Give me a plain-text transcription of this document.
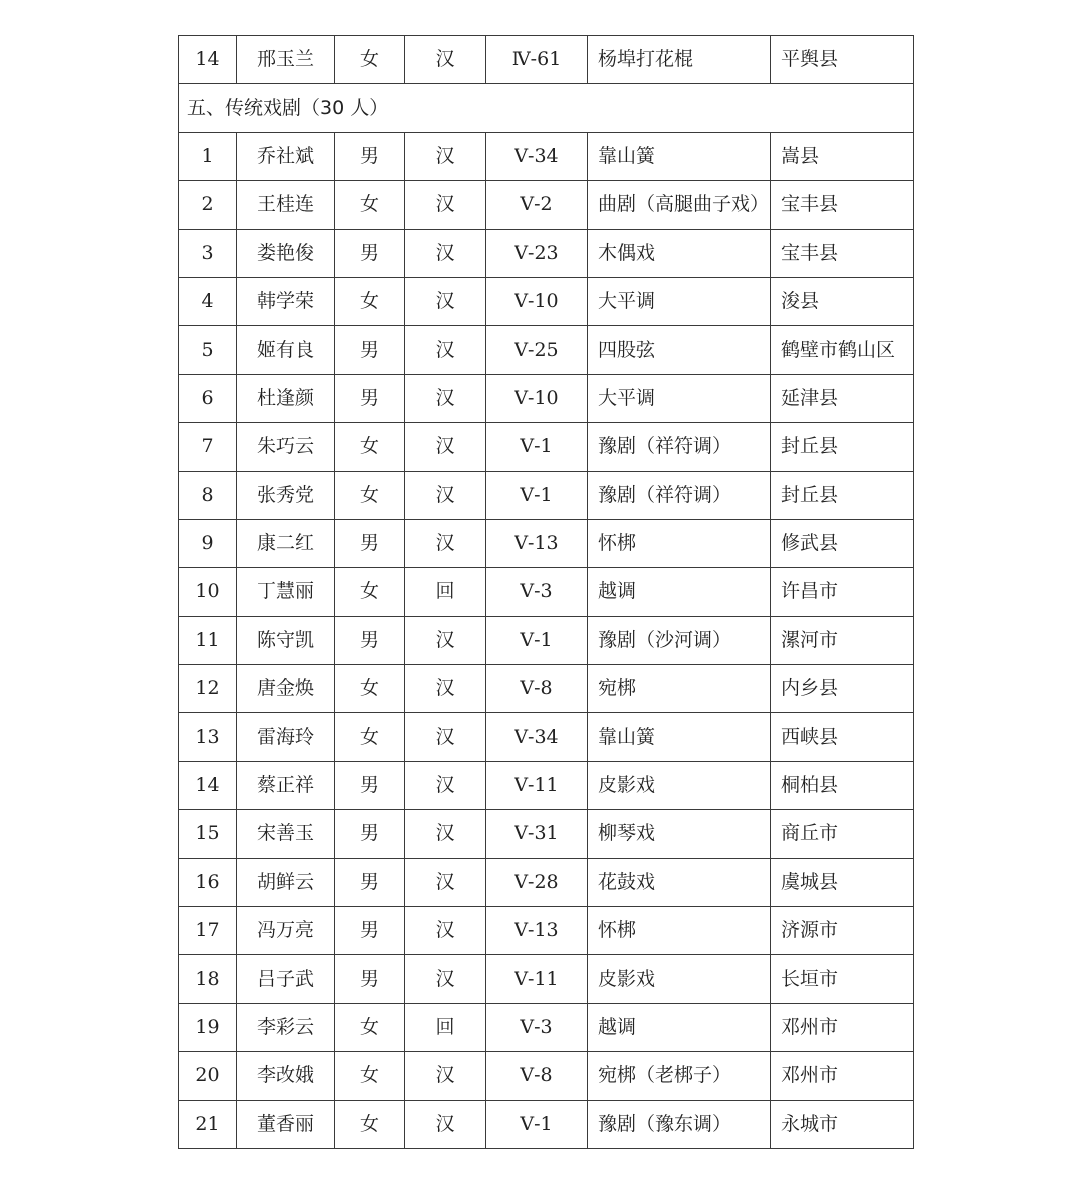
14	邢玉兰	女	汉	Ⅳ-61	杨埠打花棍	平舆县
五、传统戏剧（30 人）						
1	乔社斌	男	汉	Ⅴ-34	靠山簧	嵩县
2	王桂连	女	汉	Ⅴ-2	曲剧（高腿曲子戏）	宝丰县
3	娄艳俊	男	汉	Ⅴ-23	木偶戏	宝丰县
4	韩学荣	女	汉	Ⅴ-10	大平调	浚县
5	姬有良	男	汉	Ⅴ-25	四股弦	鹤壁市鹤山区
6	杜逢颜	男	汉	Ⅴ-10	大平调	延津县
7	朱巧云	女	汉	Ⅴ-1	豫剧（祥符调）	封丘县
8	张秀党	女	汉	Ⅴ-1	豫剧（祥符调）	封丘县
9	康二红	男	汉	Ⅴ-13	怀梆	修武县
10	丁慧丽	女	回	Ⅴ-3	越调	许昌市
11	陈守凯	男	汉	Ⅴ-1	豫剧（沙河调）	漯河市
12	唐金焕	女	汉	Ⅴ-8	宛梆	内乡县
13	雷海玲	女	汉	Ⅴ-34	靠山簧	西峡县
14	蔡正祥	男	汉	Ⅴ-11	皮影戏	桐柏县
15	宋善玉	男	汉	Ⅴ-31	柳琴戏	商丘市
16	胡鲜云	男	汉	Ⅴ-28	花鼓戏	虞城县
17	冯万亮	男	汉	Ⅴ-13	怀梆	济源市
18	吕子武	男	汉	Ⅴ-11	皮影戏	长垣市
19	李彩云	女	回	Ⅴ-3	越调	邓州市
20	李改娥	女	汉	Ⅴ-8	宛梆（老梆子）	邓州市
21	董香丽	女	汉	Ⅴ-1	豫剧（豫东调）	永城市
